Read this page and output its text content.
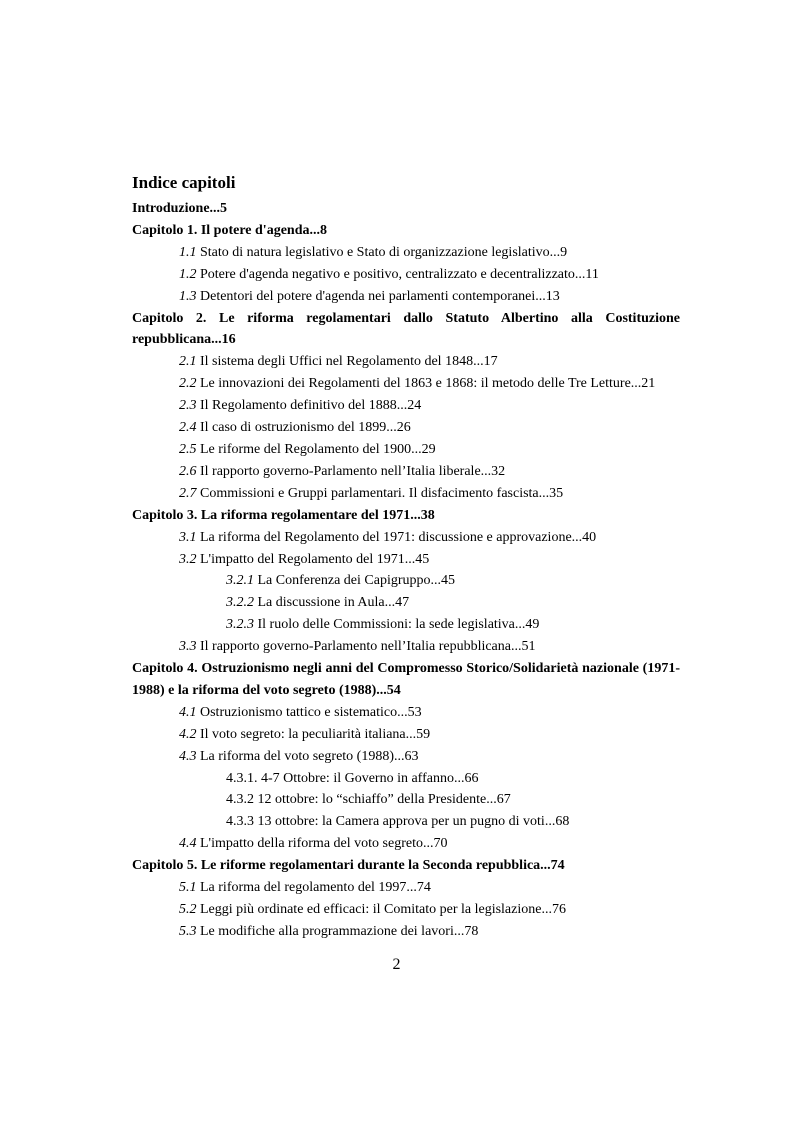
Indice capitoli
Introduzione...5
Capitolo 1. Il potere d'agenda...8
1.1 Stato di natura legislativo e Stato di organizzazione legislativo...9
1.2 Potere d'agenda negativo e positivo, centralizzato e decentralizzato...11
1.3 Detentori del potere d'agenda nei parlamenti contemporanei...13
Capitolo 2. Le riforma regolamentari dallo Statuto Albertino alla Costituzione repubblicana...16
2.1 Il sistema degli Uffici nel Regolamento del 1848...17
2.2 Le innovazioni dei Regolamenti del 1863 e 1868: il metodo delle Tre Letture...21
2.3 Il Regolamento definitivo del 1888...24
2.4 Il caso di ostruzionismo del 1899...26
2.5 Le riforme del Regolamento del 1900...29
2.6 Il rapporto governo-Parlamento nell’Italia liberale...32
2.7 Commissioni e Gruppi parlamentari. Il disfacimento fascista...35
Capitolo 3. La riforma regolamentare del 1971...38
3.1 La riforma del Regolamento del 1971: discussione e approvazione...40
3.2 L'impatto del Regolamento del 1971...45
3.2.1 La Conferenza dei Capigruppo...45
3.2.2 La discussione in Aula...47
3.2.3 Il ruolo delle Commissioni: la sede legislativa...49
3.3 Il rapporto governo-Parlamento nell’Italia repubblicana...51
Capitolo 4. Ostruzionismo negli anni del Compromesso Storico/Solidarietà nazionale (1971-1988) e la riforma del voto segreto (1988)...54
4.1 Ostruzionismo tattico e sistematico...53
4.2 Il voto segreto: la peculiarità italiana...59
4.3 La riforma del voto segreto (1988)...63
4.3.1. 4-7 Ottobre: il Governo in affanno...66
4.3.2 12 ottobre: lo “schiaffo” della Presidente...67
4.3.3 13 ottobre: la Camera approva per un pugno di voti...68
4.4 L'impatto della riforma del voto segreto...70
Capitolo 5. Le riforme regolamentari durante la Seconda repubblica...74
5.1 La riforma del regolamento del 1997...74
5.2 Leggi più ordinate ed efficaci: il Comitato per la legislazione...76
5.3 Le modifiche alla programmazione dei lavori...78
2
